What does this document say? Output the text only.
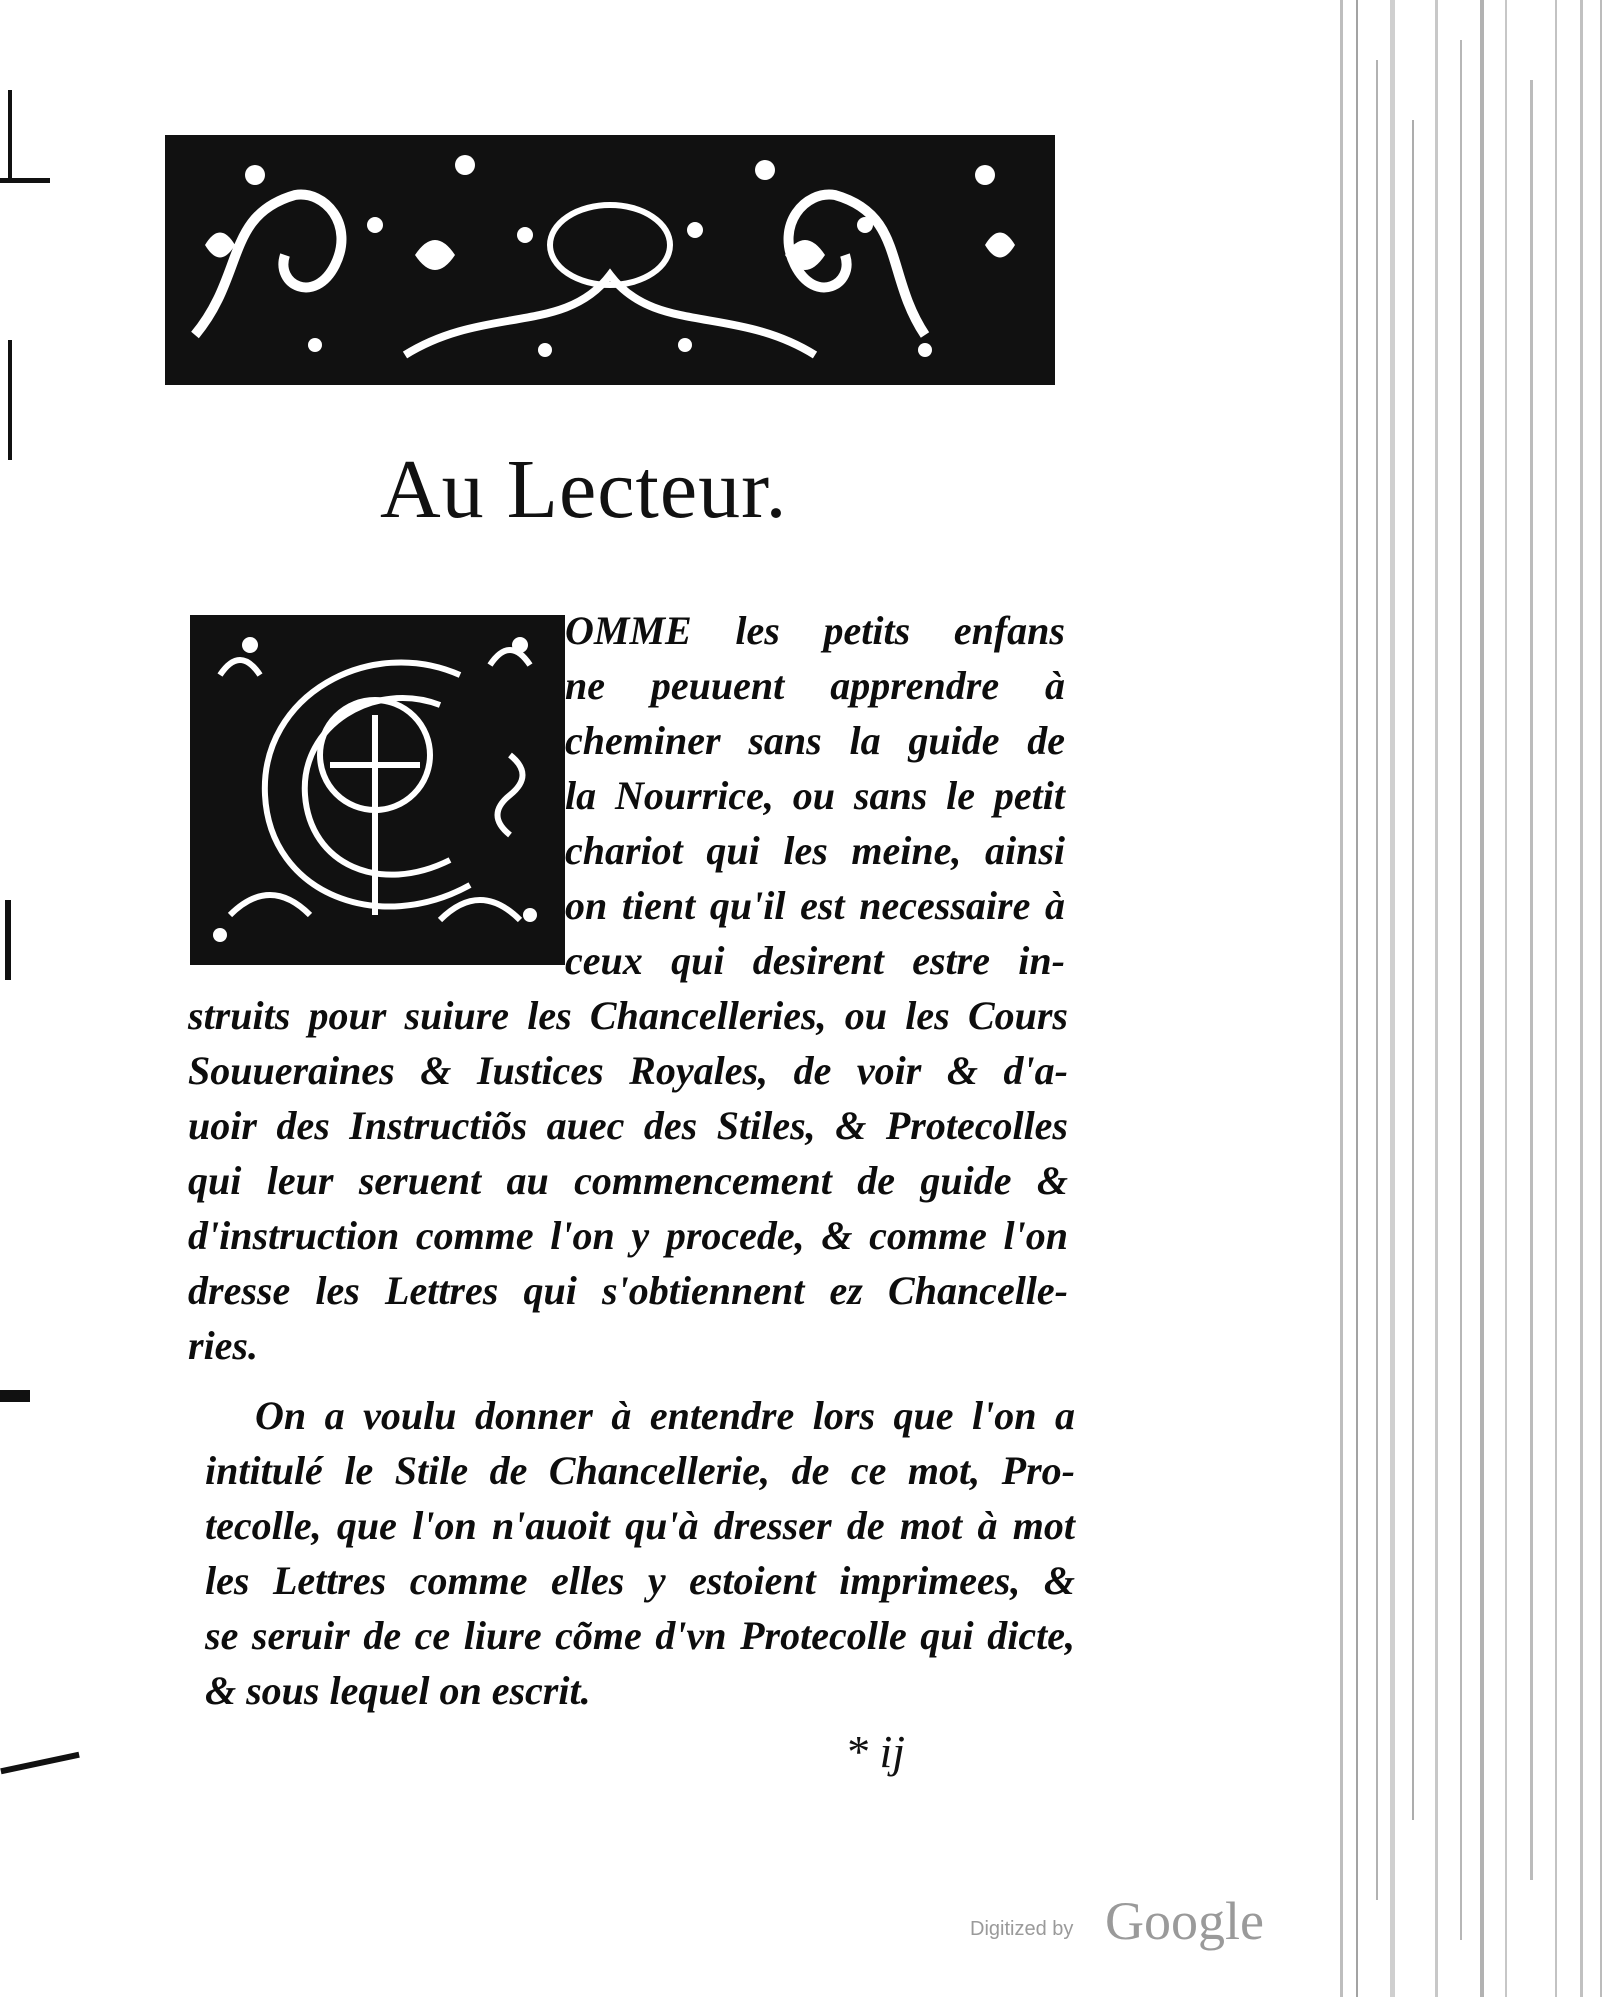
Au Lecteur.
OMME les petits enfans
ne peuuent apprendre à
cheminer sans la guide de
la Nourrice, ou sans le petit
chariot qui les meine, ainsi
on tient qu'il est necessaire à
ceux qui desirent estre in-
struits pour suiure les Chancelleries, ou les Cours
Souueraines & Iustices Royales, de voir & d'a-
uoir des Instructiõs auec des Stiles, & Protecolles
qui leur seruent au commencement de guide &
d'instruction comme l'on y procede, & comme l'on
dresse les Lettres qui s'obtiennent ez Chancelle-
ries.
On a voulu donner à entendre lors que l'on a
intitulé le Stile de Chancellerie, de ce mot, Pro-
tecolle, que l'on n'auoit qu'à dresser de mot à mot
les Lettres comme elles y estoient imprimees, &
se seruir de ce liure cõme d'vn Protecolle qui dicte,
& sous lequel on escrit.
* ij
Digitized by Google
